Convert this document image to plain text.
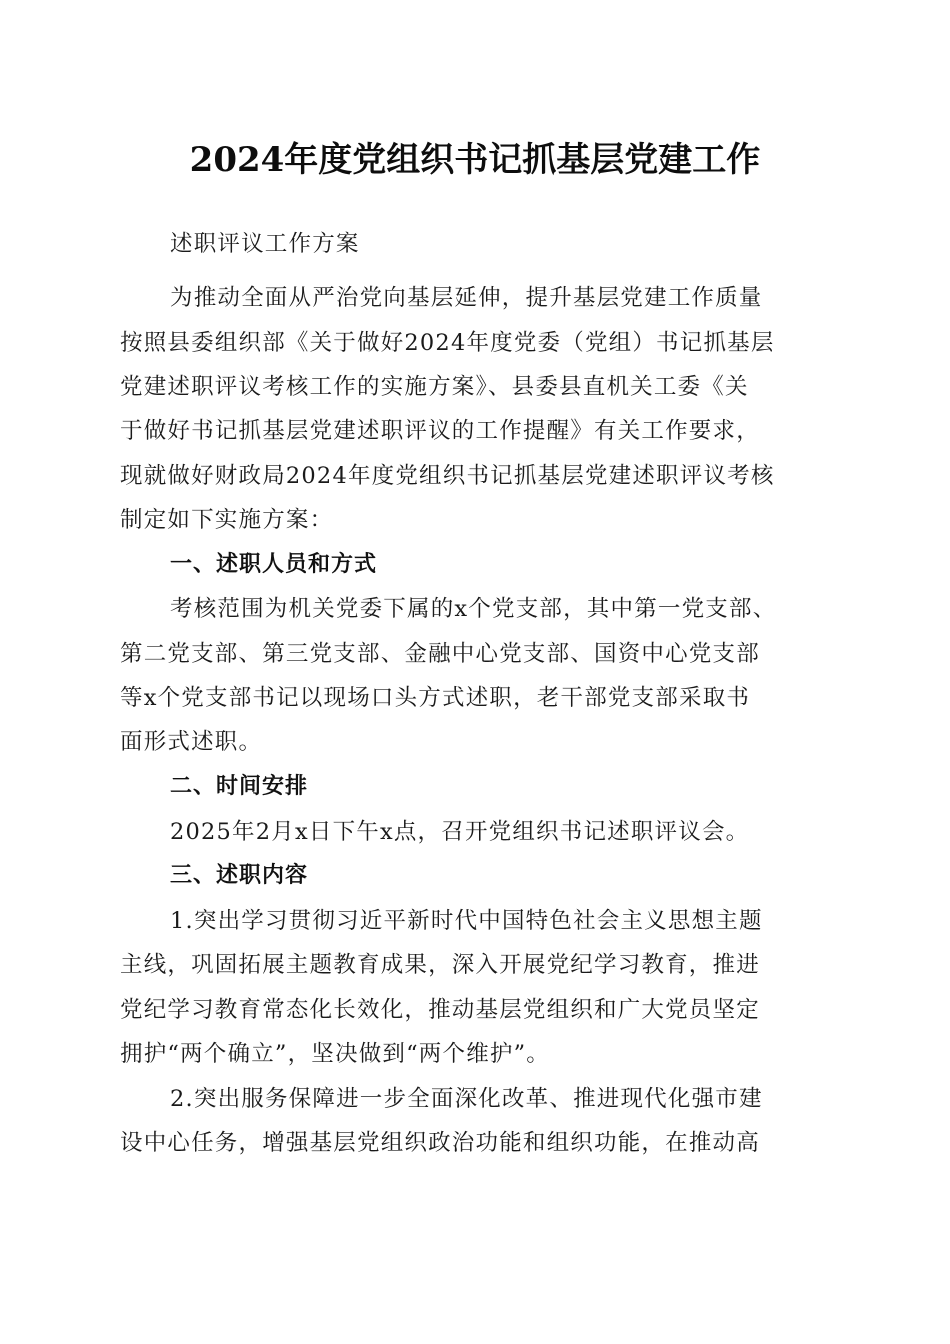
2024年度党组织书记抓基层党建工作
述职评议工作方案
为推动全面从严治党向基层延伸，提升基层党建工作质量
按照县委组织部《关于做好2024年度党委（党组）书记抓基层
党建述职评议考核工作的实施方案》、县委县直机关工委《关
于做好书记抓基层党建述职评议的工作提醒》有关工作要求，
现就做好财政局2024年度党组织书记抓基层党建述职评议考核
制定如下实施方案：
一、述职人员和方式
考核范围为机关党委下属的x个党支部，其中第一党支部、
第二党支部、第三党支部、金融中心党支部、国资中心党支部
等x个党支部书记以现场口头方式述职，老干部党支部采取书
面形式述职。
二、时间安排
2025年2月x日下午x点，召开党组织书记述职评议会。
三、述职内容
1.突出学习贯彻习近平新时代中国特色社会主义思想主题
主线，巩固拓展主题教育成果，深入开展党纪学习教育，推进
党纪学习教育常态化长效化，推动基层党组织和广大党员坚定
拥护“两个确立”，坚决做到“两个维护”。
2.突出服务保障进一步全面深化改革、推进现代化强市建
设中心任务，增强基层党组织政治功能和组织功能，在推动高
